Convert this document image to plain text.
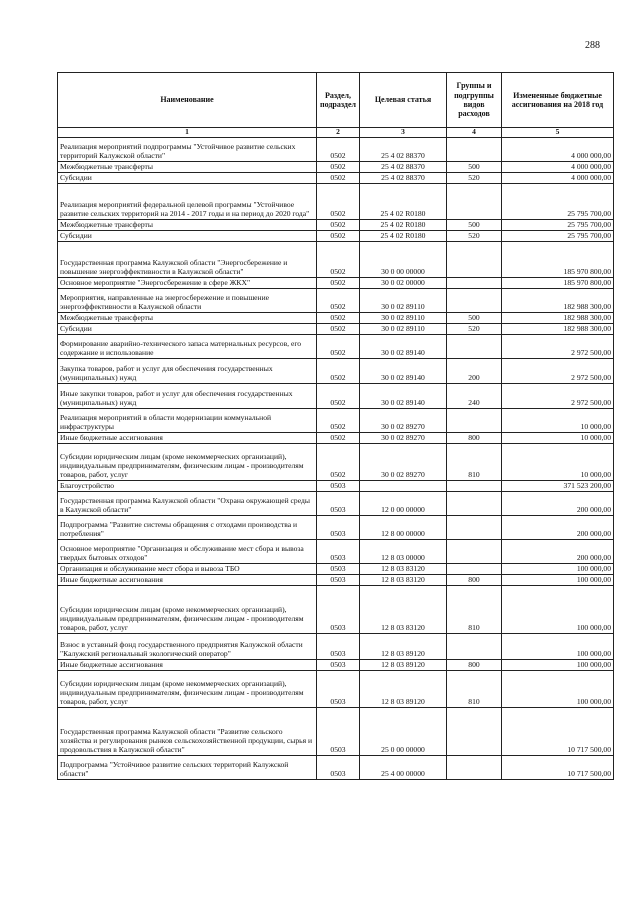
288
Наименование	Раздел, подраздел	Целевая статья	Группы и подгруппы видов расходов	Измененные бюджетные ассигнования на 2018 год
1	2	3	4	5
Реализация мероприятий подпрограммы "Устойчивое развитие сельских территорий Калужской области"	0502	25 4 02 88370		4 000 000,00
Межбюджетные трансферты	0502	25 4 02 88370	500	4 000 000,00
Субсидии	0502	25 4 02 88370	520	4 000 000,00
Реализация мероприятий федеральной целевой программы "Устойчивое развитие сельских территорий на 2014 - 2017 годы и на период до 2020 года"	0502	25 4 02 R0180		25 795 700,00
Межбюджетные трансферты	0502	25 4 02 R0180	500	25 795 700,00
Субсидии	0502	25 4 02 R0180	520	25 795 700,00
Государственная программа Калужской области "Энергосбережение и повышение энергоэффективности в Калужской области"	0502	30 0 00 00000		185 970 800,00
Основное мероприятие "Энергосбережение в сфере ЖКХ"	0502	30 0 02 00000		185 970 800,00
Мероприятия, направленные на энергосбережение и повышение энергоэффективности в Калужской области	0502	30 0 02 89110		182 988 300,00
Межбюджетные трансферты	0502	30 0 02 89110	500	182 988 300,00
Субсидии	0502	30 0 02 89110	520	182 988 300,00
Формирование аварийно-технического запаса материальных ресурсов, его содержание и использование	0502	30 0 02 89140		2 972 500,00
Закупка товаров, работ и услуг для обеспечения государственных (муниципальных) нужд	0502	30 0 02 89140	200	2 972 500,00
Иные закупки товаров, работ и услуг для обеспечения государственных (муниципальных) нужд	0502	30 0 02 89140	240	2 972 500,00
Реализация мероприятий в области модернизации коммунальной инфраструктуры	0502	30 0 02 89270		10 000,00
Иные бюджетные ассигнования	0502	30 0 02 89270	800	10 000,00
Субсидии юридическим лицам (кроме некоммерческих организаций), индивидуальным предпринимателям, физическим лицам - производителям товаров, работ, услуг	0502	30 0 02 89270	810	10 000,00
Благоустройство	0503			371 523 200,00
Государственная программа Калужской области "Охрана окружающей среды в Калужской области"	0503	12 0 00 00000		200 000,00
Подпрограмма "Развитие системы обращения с отходами производства и потребления"	0503	12 8 00 00000		200 000,00
Основное мероприятие "Организация и обслуживание мест сбора и вывоза твердых бытовых отходов"	0503	12 8 03 00000		200 000,00
Организация и обслуживание мест сбора и вывоза ТБО	0503	12 8 03 83120		100 000,00
Иные бюджетные ассигнования	0503	12 8 03 83120	800	100 000,00
Субсидии юридическим лицам (кроме некоммерческих организаций), индивидуальным предпринимателям, физическим лицам - производителям товаров, работ, услуг	0503	12 8 03 83120	810	100 000,00
Взнос в уставный фонд государственного предприятия Калужской области "Калужский региональный экологический оператор"	0503	12 8 03 89120		100 000,00
Иные бюджетные ассигнования	0503	12 8 03 89120	800	100 000,00
Субсидии юридическим лицам (кроме некоммерческих организаций), индивидуальным предпринимателям, физическим лицам - производителям товаров, работ, услуг	0503	12 8 03 89120	810	100 000,00
Государственная программа Калужской области "Развитие сельского хозяйства и регулирования рынков сельскохозяйственной продукции, сырья и продовольствия в Калужской области"	0503	25 0 00 00000		10 717 500,00
Подпрограмма "Устойчивое развитие сельских территорий Калужской области"	0503	25 4 00 00000		10 717 500,00
